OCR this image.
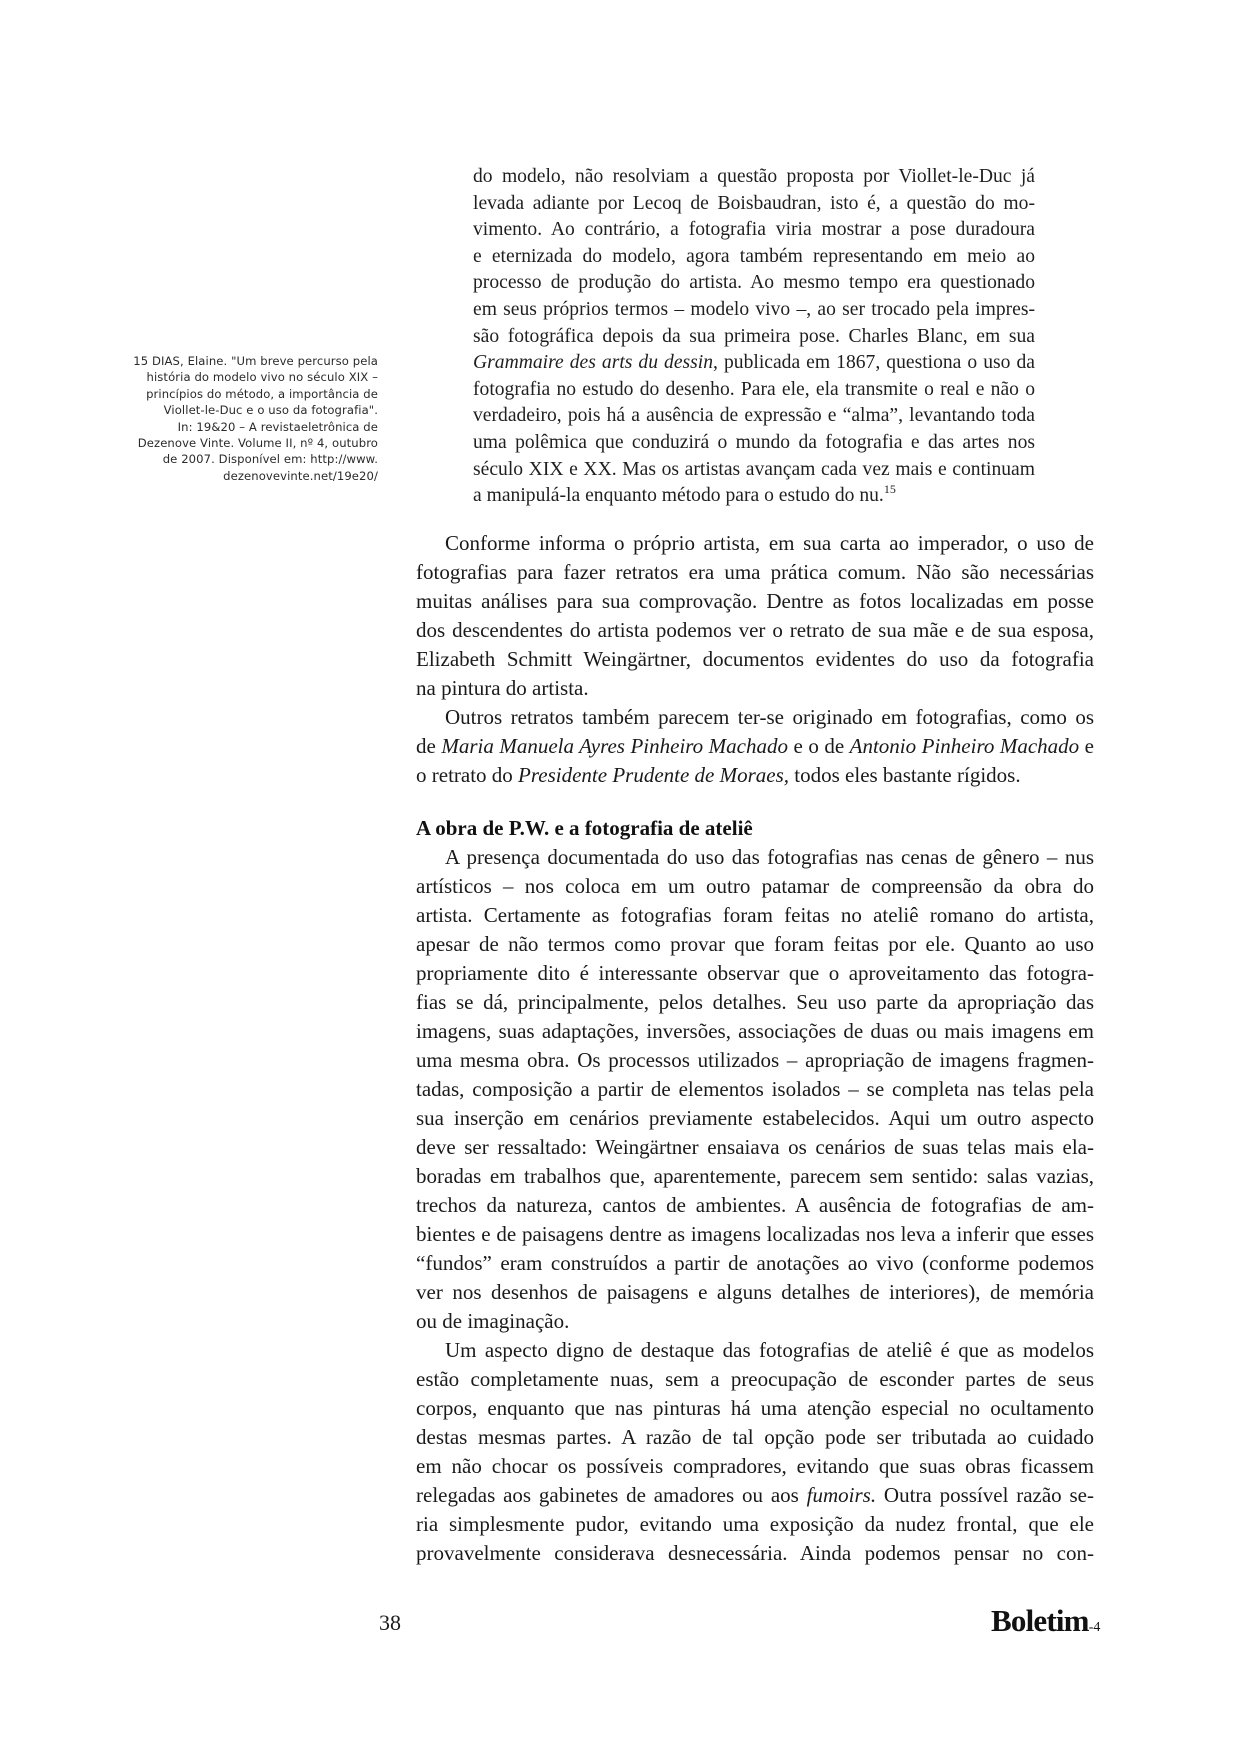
15 DIAS, Elaine. "Um breve percurso pela
história do modelo vivo no século XIX –
princípios do método, a importância de
Viollet-le-Duc e o uso da fotografia".
In: 19&20 – A revistaeletrônica de
Dezenove Vinte. Volume II, nº 4, outubro
de 2007. Disponível em: http://www.
dezenovevinte.net/19e20/
do modelo, não resolviam a questão proposta por Viollet-le-Duc já
levada adiante por Lecoq de Boisbaudran, isto é, a questão do mo-
vimento. Ao contrário, a fotografia viria mostrar a pose duradoura
e eternizada do modelo, agora também representando em meio ao
processo de produção do artista. Ao mesmo tempo era questionado
em seus próprios termos – modelo vivo –, ao ser trocado pela impres-
são fotográfica depois da sua primeira pose. Charles Blanc, em sua
Grammaire des arts du dessin, publicada em 1867, questiona o uso da
fotografia no estudo do desenho. Para ele, ela transmite o real e não o
verdadeiro, pois há a ausência de expressão e “alma”, levantando toda
uma polêmica que conduzirá o mundo da fotografia e das artes nos
século XIX e XX. Mas os artistas avançam cada vez mais e continuam
a manipulá-la enquanto método para o estudo do nu.$^{15}$
Conforme informa o próprio artista, em sua carta ao imperador, o uso de
fotografias para fazer retratos era uma prática comum. Não são necessárias
muitas análises para sua comprovação. Dentre as fotos localizadas em posse
dos descendentes do artista podemos ver o retrato de sua mãe e de sua esposa,
Elizabeth Schmitt Weingärtner, documentos evidentes do uso da fotografia
na pintura do artista.
Outros retratos também parecem ter-se originado em fotografias, como os
de Maria Manuela Ayres Pinheiro Machado e o de Antonio Pinheiro Machado e
o retrato do Presidente Prudente de Moraes, todos eles bastante rígidos.
A obra de P.W. e a fotografia de ateliê
A presença documentada do uso das fotografias nas cenas de gênero – nus
artísticos – nos coloca em um outro patamar de compreensão da obra do
artista. Certamente as fotografias foram feitas no ateliê romano do artista,
apesar de não termos como provar que foram feitas por ele. Quanto ao uso
propriamente dito é interessante observar que o aproveitamento das fotogra-
fias se dá, principalmente, pelos detalhes. Seu uso parte da apropriação das
imagens, suas adaptações, inversões, associações de duas ou mais imagens em
uma mesma obra. Os processos utilizados – apropriação de imagens fragmen-
tadas, composição a partir de elementos isolados – se completa nas telas pela
sua inserção em cenários previamente estabelecidos. Aqui um outro aspecto
deve ser ressaltado: Weingärtner ensaiava os cenários de suas telas mais ela-
boradas em trabalhos que, aparentemente, parecem sem sentido: salas vazias,
trechos da natureza, cantos de ambientes. A ausência de fotografias de am-
bientes e de paisagens dentre as imagens localizadas nos leva a inferir que esses
“fundos” eram construídos a partir de anotações ao vivo (conforme podemos
ver nos desenhos de paisagens e alguns detalhes de interiores), de memória
ou de imaginação.
Um aspecto digno de destaque das fotografias de ateliê é que as modelos
estão completamente nuas, sem a preocupação de esconder partes de seus
corpos, enquanto que nas pinturas há uma atenção especial no ocultamento
destas mesmas partes. A razão de tal opção pode ser tributada ao cuidado
em não chocar os possíveis compradores, evitando que suas obras ficassem
relegadas aos gabinetes de amadores ou aos fumoirs. Outra possível razão se-
ria simplesmente pudor, evitando uma exposição da nudez frontal, que ele
provavelmente considerava desnecessária. Ainda podemos pensar no con-
38	Boletim-4
